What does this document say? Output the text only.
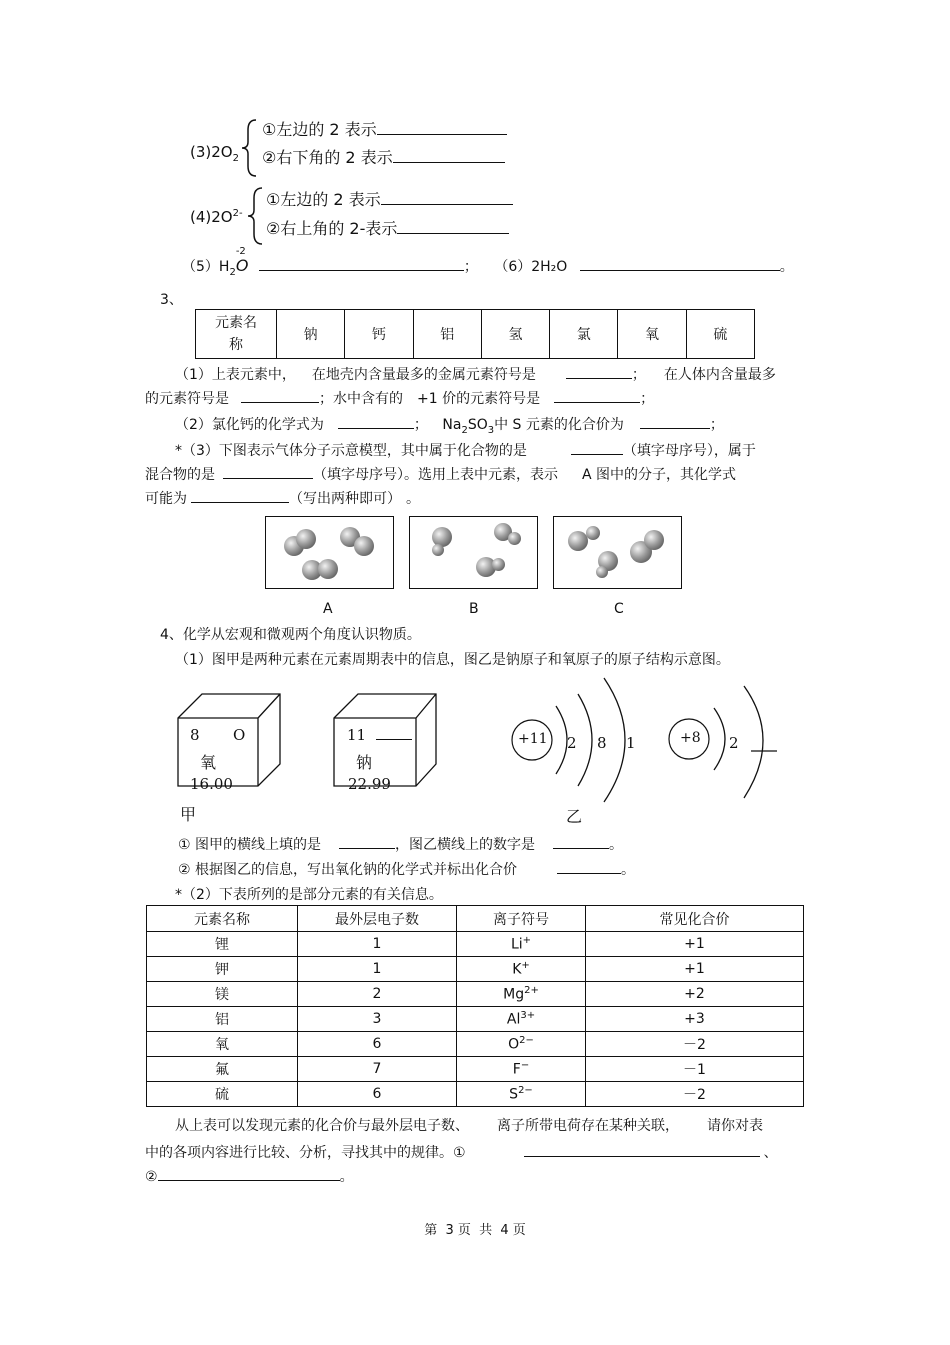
$(3)2O_2$
①左边的 2 表示
②右下角的 2 表示
$(4)2O^{2-}$
①左边的 2 表示
②右上角的 2-表示
$(5)H_2$
-2
O	； （6）2H₂O	。
3、
元素名
称
	钠	钙	铝	氢	氯	氧	硫
（1）上表元素中， 在地壳内含量最多的金属元素符号是	； 在人体内含量最多
的元素符号是	；水中含有的 +1 价的元素符号是	；
（2）氯化钙的化学式为	； $Na_2SO_3$中 S 元素的化合价为	；
*（3）下图表示气体分子示意模型，其中属于化合物的是	（填字母序号），属于
混合物的是	（填字母序号）。选用上表中元素，表示 A 图中的分子，其化学式
可能为	（写出两种即可） 。
A	B	C
4、化学从宏观和微观两个角度认识物质。
（1）图甲是两种元素在元素周期表中的信息，图乙是钠原子和氧原子的原子结构示意图。
8 O
氧
16.00
甲
11
钠
22.99
+11 2 8 1	+8 2
乙
① 图甲的横线上填的是	，图乙横线上的数字是	。
② 根据图乙的信息，写出氧化钠的化学式并标出化合价	。
*（2）下表所列的是部分元素的有关信息。
元素名称	最外层电子数	离子符号	常见化合价
锂	1	Li+	+1
钾	1	K+	+1
镁	2	$Mg^{2+}$	+2
铝	3	$Al^{3+}$	+3
氧	6	$O^{2-}$	－2
氟	7	F−	－1
硫	6	$S^{2-}$	－2
从上表可以发现元素的化合价与最外层电子数、 离子所带电荷存在某种关联， 请你对表
中的各项内容进行比较、分析，寻找其中的规律。①	、
②	。
第  3 页  共  4 页
